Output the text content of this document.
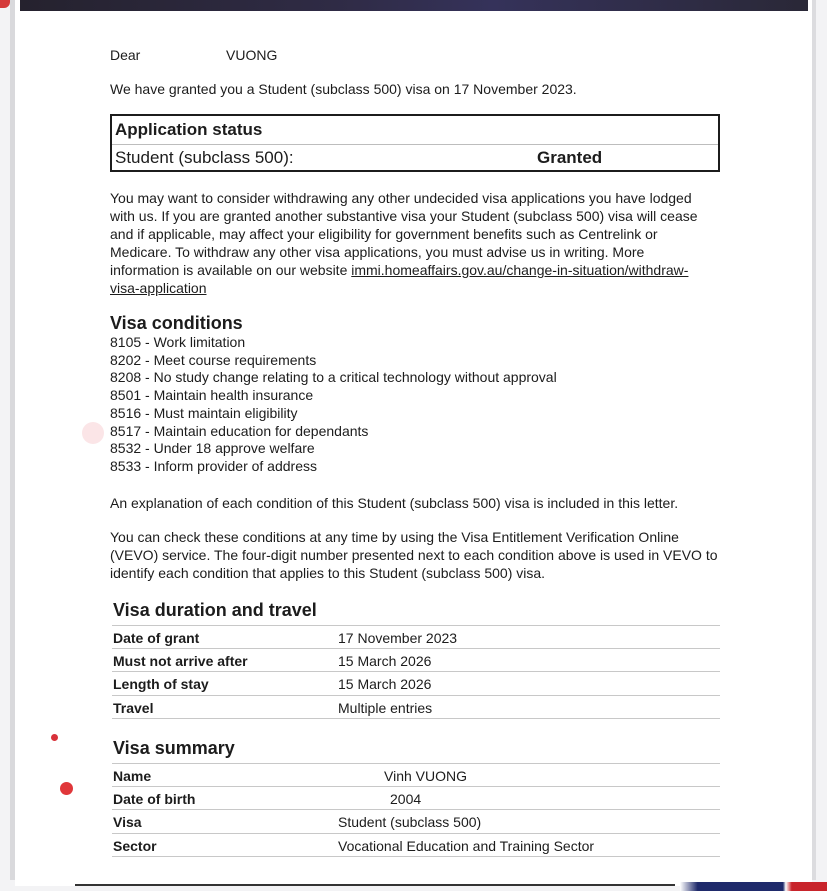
Dear	VUONG
We have granted you a Student (subclass 500) visa on 17 November 2023.
Application status
Student (subclass 500):	Granted

You may want to consider withdrawing any other undecided visa applications you have lodged with us. If you are granted another substantive visa your Student (subclass 500) visa will cease and if applicable, may affect your eligibility for government benefits such as Centrelink or Medicare. To withdraw any other visa applications, you must advise us in writing. More information is available on our website immi.homeaffairs.gov.au/change-in-situation/withdraw-visa-application

Visa conditions
8105 - Work limitation
8202 - Meet course requirements
8208 - No study change relating to a critical technology without approval
8501 - Maintain health insurance
8516 - Must maintain eligibility
8517 - Maintain education for dependants
8532 - Under 18 approve welfare
8533 - Inform provider of address

An explanation of each condition of this Student (subclass 500) visa is included in this letter.

You can check these conditions at any time by using the Visa Entitlement Verification Online (VEVO) service. The four-digit number presented next to each condition above is used in VEVO to identify each condition that applies to this Student (subclass 500) visa.

Visa duration and travel
Date of grant	17 November 2023
Must not arrive after	15 March 2026
Length of stay	15 March 2026
Travel	Multiple entries
Visa summary
Name	Vinh VUONG
Date of birth	2004
Visa	Student (subclass 500)
Sector	Vocational Education and Training Sector
